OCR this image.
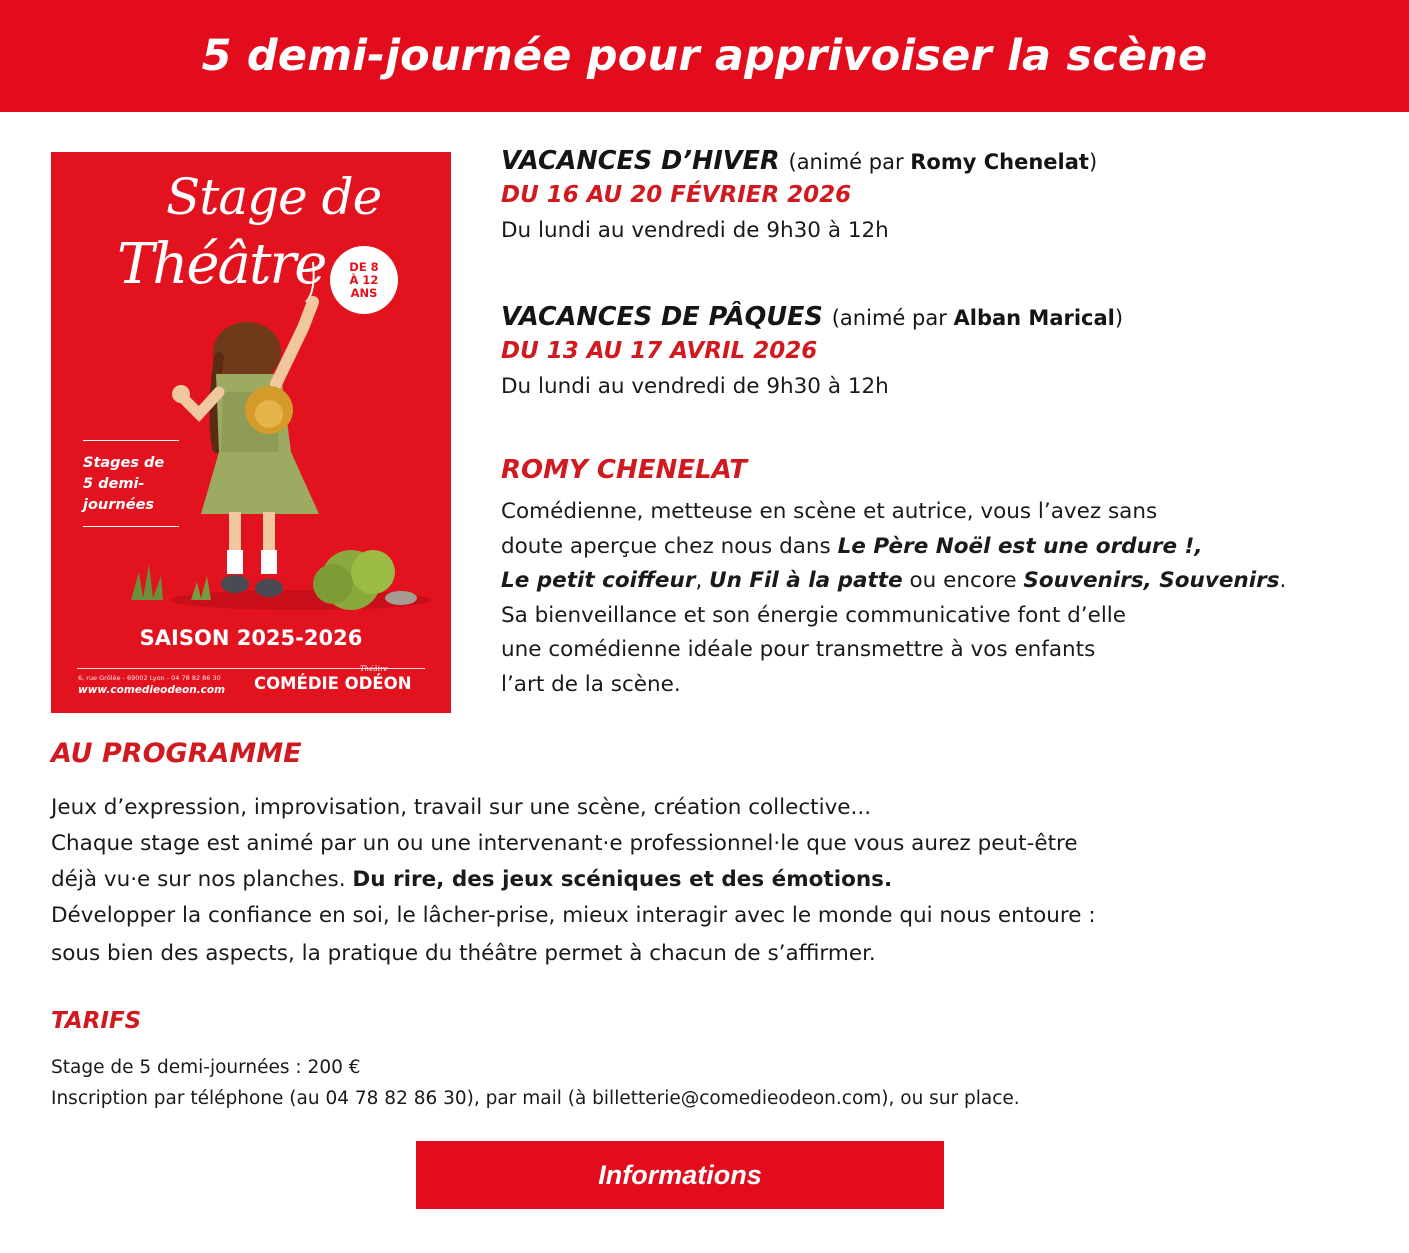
5 demi-journée pour apprivoiser la scène
Stage de
Théâtre DE 8
À 12
ANS
Stages de
5 demi-
journées
SAISON 2025-2026
6, rue Grôlée - 69002 Lyon - 04 78 82 86 30
www.comedieodeon.com
Théâtre
COMÉDIE ODÉON
VACANCES D’HIVER (animé par Romy Chenelat)
DU 16 AU 20 FÉVRIER 2026
Du lundi au vendredi de 9h30 à 12h
VACANCES DE PÂQUES (animé par Alban Marical)
DU 13 AU 17 AVRIL 2026
Du lundi au vendredi de 9h30 à 12h
ROMY CHENELAT
Comédienne, metteuse en scène et autrice, vous l’avez sans
doute aperçue chez nous dans Le Père Noël est une ordure !,
Le petit coiffeur, Un Fil à la patte ou encore Souvenirs, Souvenirs.
Sa bienveillance et son énergie communicative font d’elle
une comédienne idéale pour transmettre à vos enfants
l’art de la scène.
AU PROGRAMME
Jeux d’expression, improvisation, travail sur une scène, création collective...
Chaque stage est animé par un ou une intervenant·e professionnel·le que vous aurez peut-être
déjà vu·e sur nos planches. Du rire, des jeux scéniques et des émotions.
Développer la confiance en soi, le lâcher-prise, mieux interagir avec le monde qui nous entoure :
sous bien des aspects, la pratique du théâtre permet à chacun de s’affirmer.
TARIFS
Stage de 5 demi-journées : 200 €
Inscription par téléphone (au 04 78 82 86 30), par mail (à billetterie@comedieodeon.com), ou sur place.
Informations
